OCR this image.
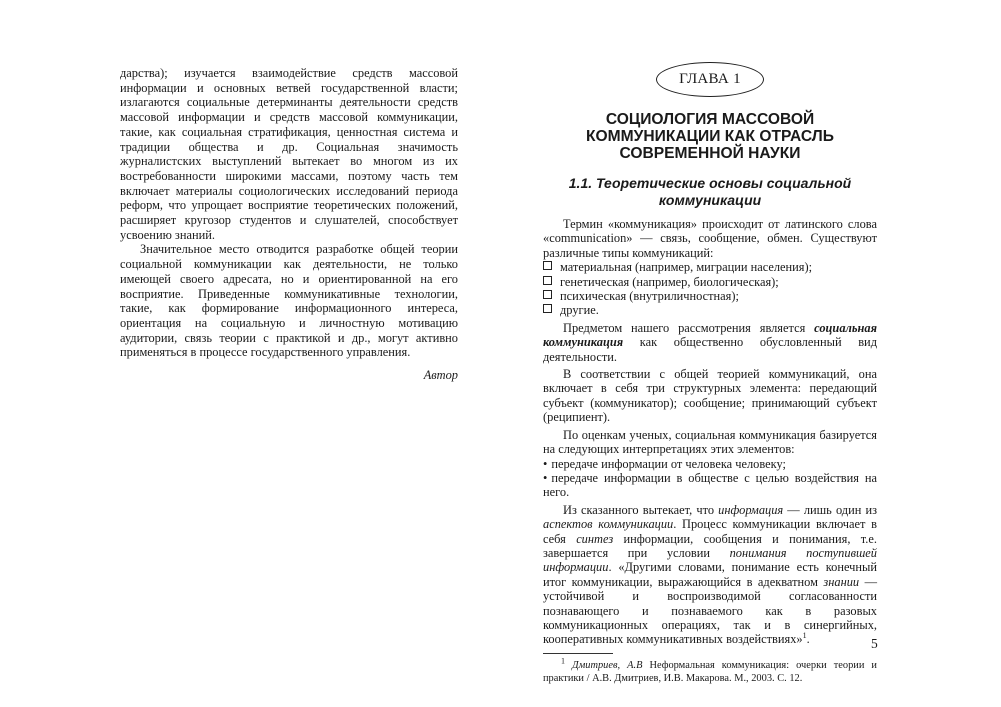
дарства); изучается взаимодействие средств массовой информации и основных ветвей государственной власти; излагаются социальные детерминанты деятельности средств массовой информации и средств массовой коммуникации, такие, как социальная стратификация, ценностная система и традиции общества и др. Социальная значимость журналистских выступлений вытекает во многом из их востребованности широкими массами, поэтому часть тем включает материалы социологических исследований периода реформ, что упрощает восприятие теоретических положений, расширяет кругозор студентов и слушателей, способствует усвоению знаний.

Значительное место отводится разработке общей теории социальной коммуникации как деятельности, не только имеющей своего адресата, но и ориентированной на его восприятие. Приведенные коммуникативные технологии, такие, как формирование информационного интереса, ориентация на социальную и личностную мотивацию аудитории, связь теории с практикой и др., могут активно применяться в процессе государственного управления.

Автор

ГЛАВА 1
СОЦИОЛОГИЯ МАССОВОЙ
КОММУНИКАЦИИ КАК ОТРАСЛЬ
СОВРЕМЕННОЙ НАУКИ
1.1. Теоретические основы социальной
коммуникации

Термин «коммуникация» происходит от латинского слова «communication» — связь, сообщение, обмен. Существуют различные типы коммуникаций:

материальная (например, миграции населения);
генетическая (например, биологическая);
психическая (внутриличностная);
другие.

Предметом нашего рассмотрения является социальная коммуникация как общественно обусловленный вид деятельности.

В соответствии с общей теорией коммуникаций, она включает в себя три структурных элемента: передающий субъект (коммуникатор); сообщение; принимающий субъект (реципиент).

По оценкам ученых, социальная коммуникация базируется на следующих интерпретациях этих элементов:

• передаче информации от человека человеку;
• передаче информации в обществе с целью воздействия на него.

Из сказанного вытекает, что информация — лишь один из аспектов коммуникации. Процесс коммуникации включает в себя синтез информации, сообщения и понимания, т.е. завершается при условии понимания поступившей информации. «Другими словами, понимание есть конечный итог коммуникации, выражающийся в адекватном знании — устойчивой и воспроизводимой согласованности познавающего и познаваемого как в разовых коммуникационных операциях, так и в синергийных, кооперативных коммуникативных воздействиях»$^1$.

$^1$ Дмитриев, А.В Неформальная коммуникация: очерки теории и практики / А.В. Дмитриев, И.В. Макарова. М., 2003. С. 12.

5
